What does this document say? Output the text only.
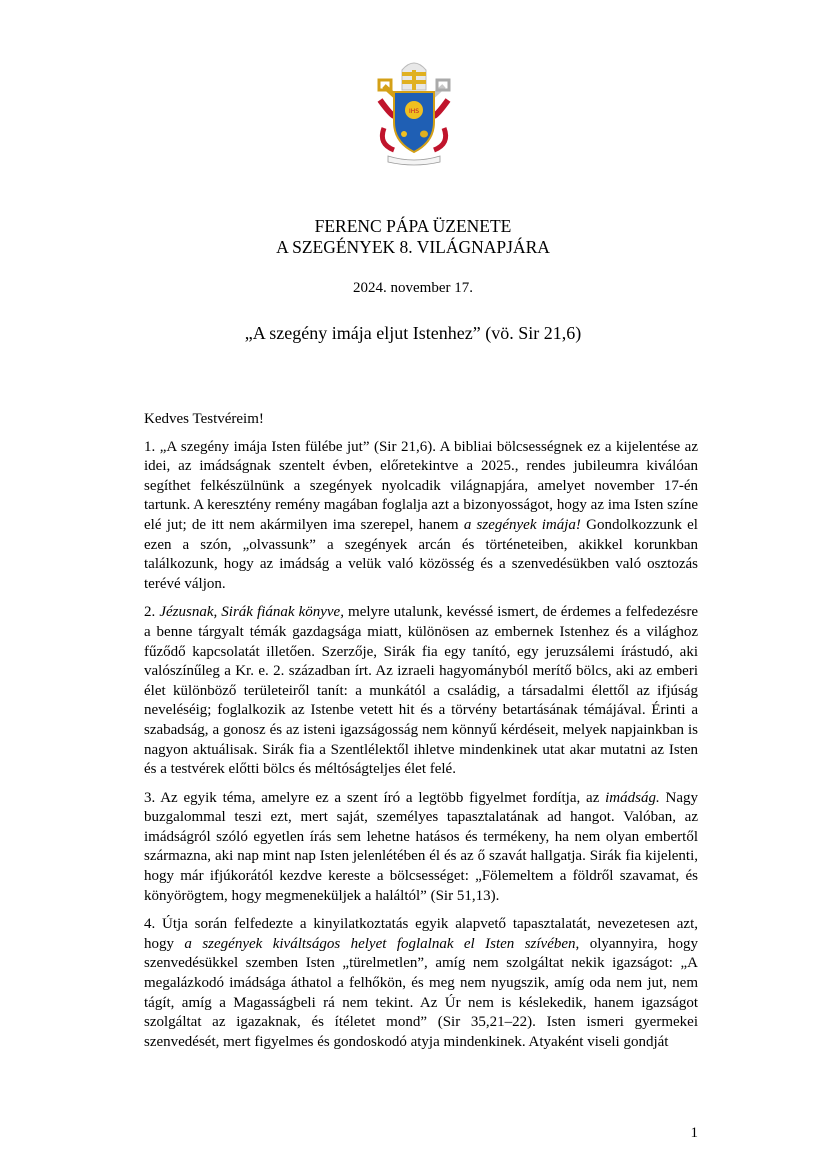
IHS
FERENC PÁPA ÜZENETE
A SZEGÉNYEK 8. VILÁGNAPJÁRA
2024. november 17.
„A szegény imája eljut Istenhez” (vö. Sir 21,6)

Kedves Testvéreim!

1. „A szegény imája Isten fülébe jut” (Sir 21,6). A bibliai bölcsességnek ez a kijelentése az idei, az imádságnak szentelt évben, előretekintve a 2025., rendes jubileumra kiválóan segíthet felkészülnünk a szegények nyolcadik világnapjára, amelyet november 17-én tartunk. A keresztény remény magában foglalja azt a bizonyosságot, hogy az ima Isten színe elé jut; de itt nem akármilyen ima szerepel, hanem a szegények imája! Gondolkozzunk el ezen a szón, „olvassunk” a szegények arcán és történeteiben, akikkel korunkban találkozunk, hogy az imádság a velük való közösség és a szenvedésükben való osztozás terévé váljon.

2. Jézusnak, Sirák fiának könyve, melyre utalunk, kevéssé ismert, de érdemes a felfedezésre a benne tárgyalt témák gazdagsága miatt, különösen az embernek Istenhez és a világhoz fűződő kapcsolatát illetően. Szerzője, Sirák fia egy tanító, egy jeruzsálemi írástudó, aki valószínűleg a Kr. e. 2. században írt. Az izraeli hagyományból merítő bölcs, aki az emberi élet különböző területeiről tanít: a munkától a családig, a társadalmi élettől az ifjúság neveléséig; foglalkozik az Istenbe vetett hit és a törvény betartásának témájával. Érinti a szabadság, a gonosz és az isteni igazságosság nem könnyű kérdéseit, melyek napjainkban is nagyon aktuálisak. Sirák fia a Szentlélektől ihletve mindenkinek utat akar mutatni az Isten és a testvérek előtti bölcs és méltóságteljes élet felé.

3. Az egyik téma, amelyre ez a szent író a legtöbb figyelmet fordítja, az imádság. Nagy buzgalommal teszi ezt, mert saját, személyes tapasztalatának ad hangot. Valóban, az imádságról szóló egyetlen írás sem lehetne hatásos és termékeny, ha nem olyan embertől származna, aki nap mint nap Isten jelenlétében él és az ő szavát hallgatja. Sirák fia kijelenti, hogy már ifjúkorától kezdve kereste a bölcsességet: „Fölemeltem a földről szavamat, és könyörögtem, hogy megmeneküljek a haláltól” (Sir 51,13).

4. Útja során felfedezte a kinyilatkoztatás egyik alapvető tapasztalatát, nevezetesen azt, hogy a szegények kiváltságos helyet foglalnak el Isten szívében, olyannyira, hogy szenvedésükkel szemben Isten „türelmetlen”, amíg nem szolgáltat nekik igazságot: „A megalázkodó imádsága áthatol a felhőkön, és meg nem nyugszik, amíg oda nem jut, nem tágít, amíg a Magasságbeli rá nem tekint. Az Úr nem is késlekedik, hanem igazságot szolgáltat az igazaknak, és ítéletet mond” (Sir 35,21–22). Isten ismeri gyermekei szenvedését, mert figyelmes és gondoskodó atyja mindenkinek. Atyaként viseli gondját

1
